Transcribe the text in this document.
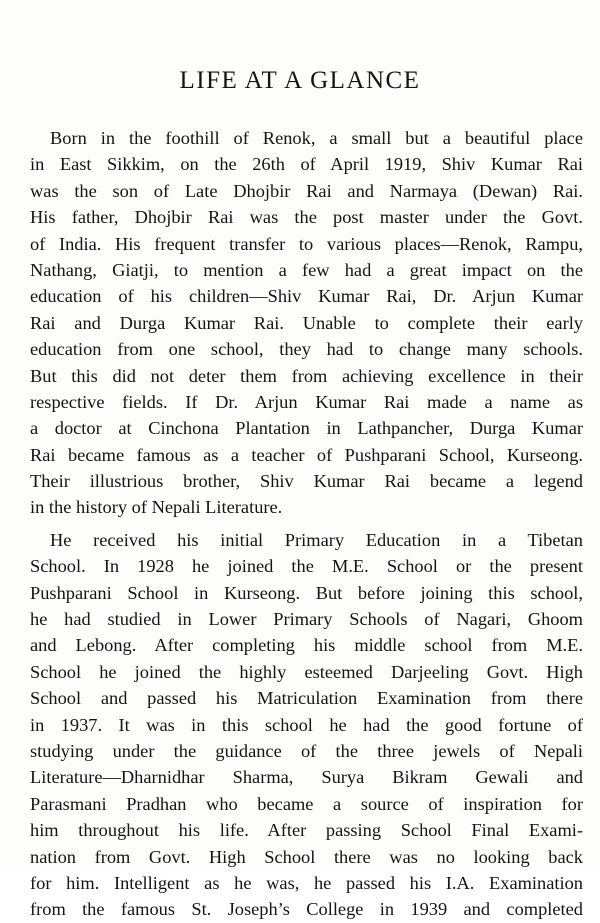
LIFE AT A GLANCE
Born in the foothill of Renok, a small but a beautiful place
in East Sikkim, on the 26th of April 1919, Shiv Kumar Rai
was the son of Late Dhojbir Rai and Narmaya (Dewan) Rai.
His father, Dhojbir Rai was the post master under the Govt.
of India. His frequent transfer to various places—Renok, Rampu,
Nathang, Giatji, to mention a few had a great impact on the
education of his children—Shiv Kumar Rai, Dr. Arjun Kumar
Rai and Durga Kumar Rai. Unable to complete their early
education from one school, they had to change many schools.
But this did not deter them from achieving excellence in their
respective fields. If Dr. Arjun Kumar Rai made a name as
a doctor at Cinchona Plantation in Lathpancher, Durga Kumar
Rai became famous as a teacher of Pushparani School, Kurseong.
Their illustrious brother, Shiv Kumar Rai became a legend
in the history of Nepali Literature.
He received his initial Primary Education in a Tibetan
School. In 1928 he joined the M.E. School or the present
Pushparani School in Kurseong. But before joining this school,
he had studied in Lower Primary Schools of Nagari, Ghoom
and Lebong. After completing his middle school from M.E.
School he joined the highly esteemed Darjeeling Govt. High
School and passed his Matriculation Examination from there
in 1937. It was in this school he had the good fortune of
studying under the guidance of the three jewels of Nepali
Literature—Dharnidhar Sharma, Surya Bikram Gewali and
Parasmani Pradhan who became a source of inspiration for
him throughout his life. After passing School Final Exami-
nation from Govt. High School there was no looking back
for him. Intelligent as he was, he passed his I.A. Examination
from the famous St. Joseph’s College in 1939 and completed
